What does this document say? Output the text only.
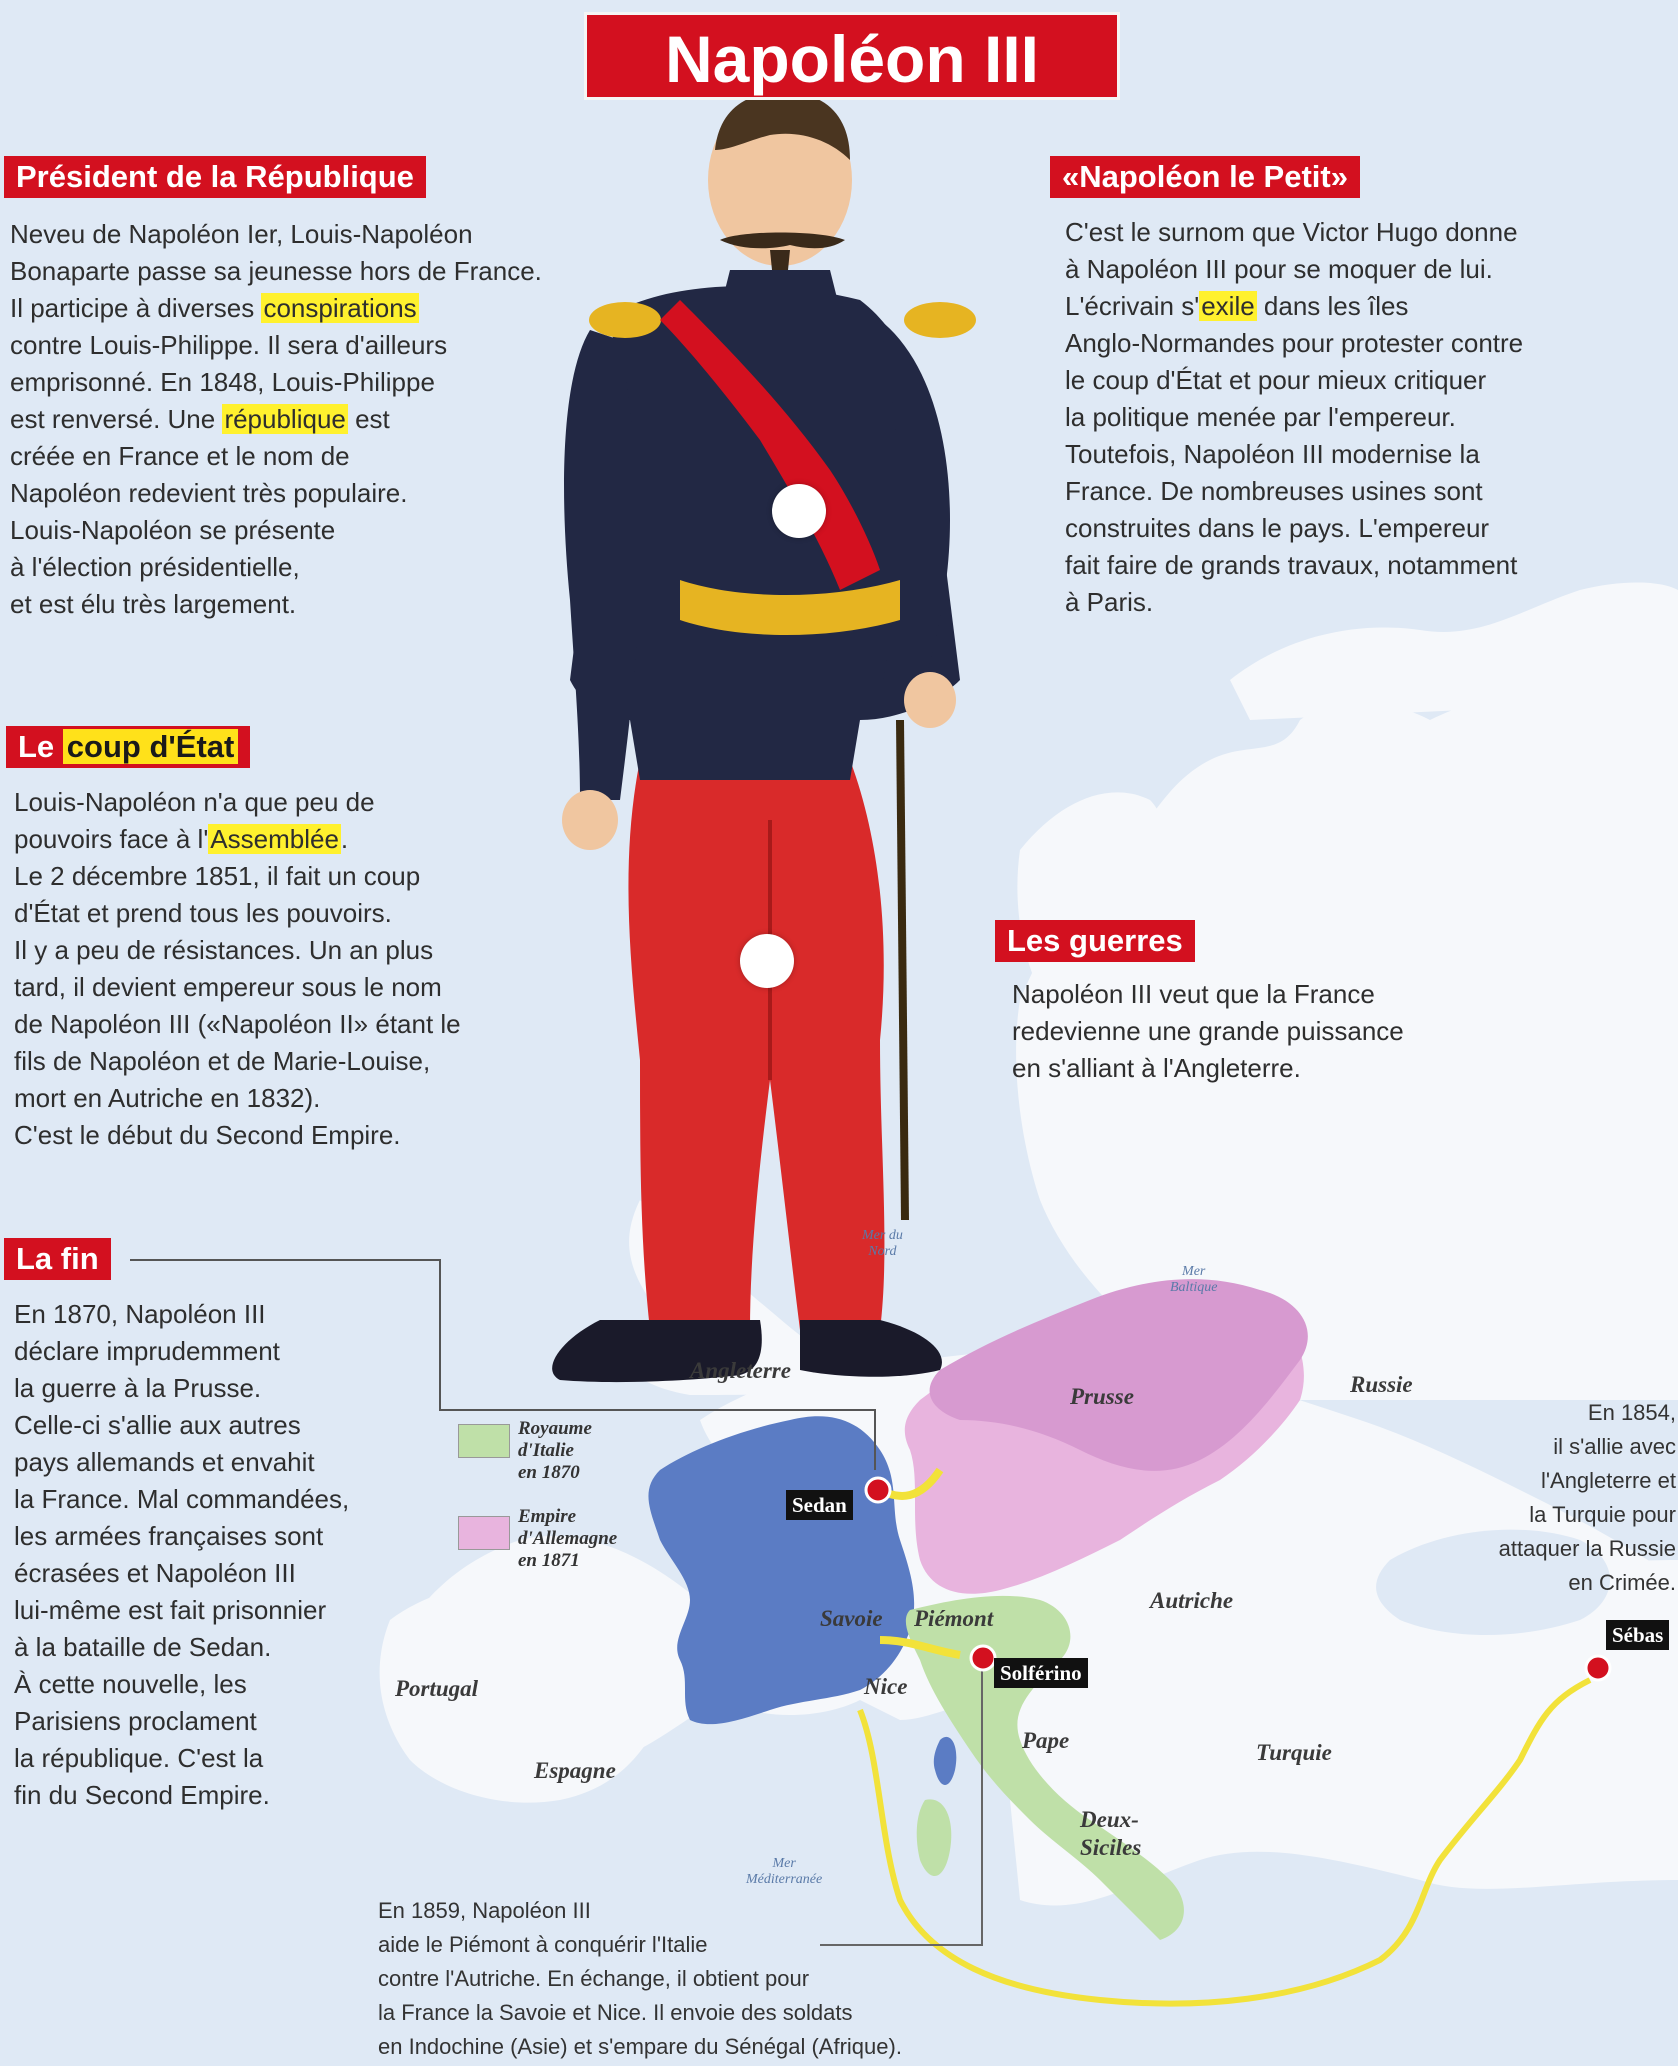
Napoléon III
Président de la République
Neveu de Napoléon Ier, Louis-Napoléon
Bonaparte passe sa jeunesse hors de France.
Il participe à diverses conspirations
contre Louis-Philippe. Il sera d'ailleurs
emprisonné. En 1848, Louis-Philippe
est renversé. Une république est
créée en France et le nom de
Napoléon redevient très populaire.
Louis-Napoléon se présente
à l'élection présidentielle,
et est élu très largement.
«Napoléon le Petit»
C'est le surnom que Victor Hugo donne
à Napoléon III pour se moquer de lui.
L'écrivain s'exile dans les îles
Anglo-Normandes pour protester contre
le coup d'État et pour mieux critiquer
la politique menée par l'empereur.
Toutefois, Napoléon III modernise la
France. De nombreuses usines sont
construites dans le pays. L'empereur
fait faire de grands travaux, notamment
à Paris.
Le coup d'État
Louis-Napoléon n'a que peu de
pouvoirs face à l'Assemblée.
Le 2 décembre 1851, il fait un coup
d'État et prend tous les pouvoirs.
Il y a peu de résistances. Un an plus
tard, il devient empereur sous le nom
de Napoléon III («Napoléon II» étant le
fils de Napoléon et de Marie-Louise,
mort en Autriche en 1832).
C'est le début du Second Empire.
Les guerres
Napoléon III veut que la France
redevienne une grande puissance
en s'alliant à l'Angleterre.
La fin
En 1870, Napoléon III
déclare imprudemment
la guerre à la Prusse.
Celle-ci s'allie aux autres
pays allemands et envahit
la France. Mal commandées,
les armées françaises sont
écrasées et Napoléon III
lui-même est fait prisonnier
à la bataille de Sedan.
À cette nouvelle, les
Parisiens proclament
la république. C'est la
fin du Second Empire.
Royaume
d'Italie
en 1870
Empire
d'Allemagne
en 1871
Angleterre
Prusse	Russie
Autriche
Portugal
Espagne
Turquie
Savoie Piémont
Nice
Pape
Deux-
Siciles
Mer du
Nord
Mer
Baltique
Mer
Méditerranée
Sedan
Solférino
Sébas
En 1854,
il s'allie avec
l'Angleterre et
la Turquie pour
attaquer la Russie
en Crimée.
En 1859, Napoléon III
aide le Piémont à conquérir l'Italie
contre l'Autriche. En échange, il obtient pour
la France la Savoie et Nice. Il envoie des soldats
en Indochine (Asie) et s'empare du Sénégal (Afrique).
